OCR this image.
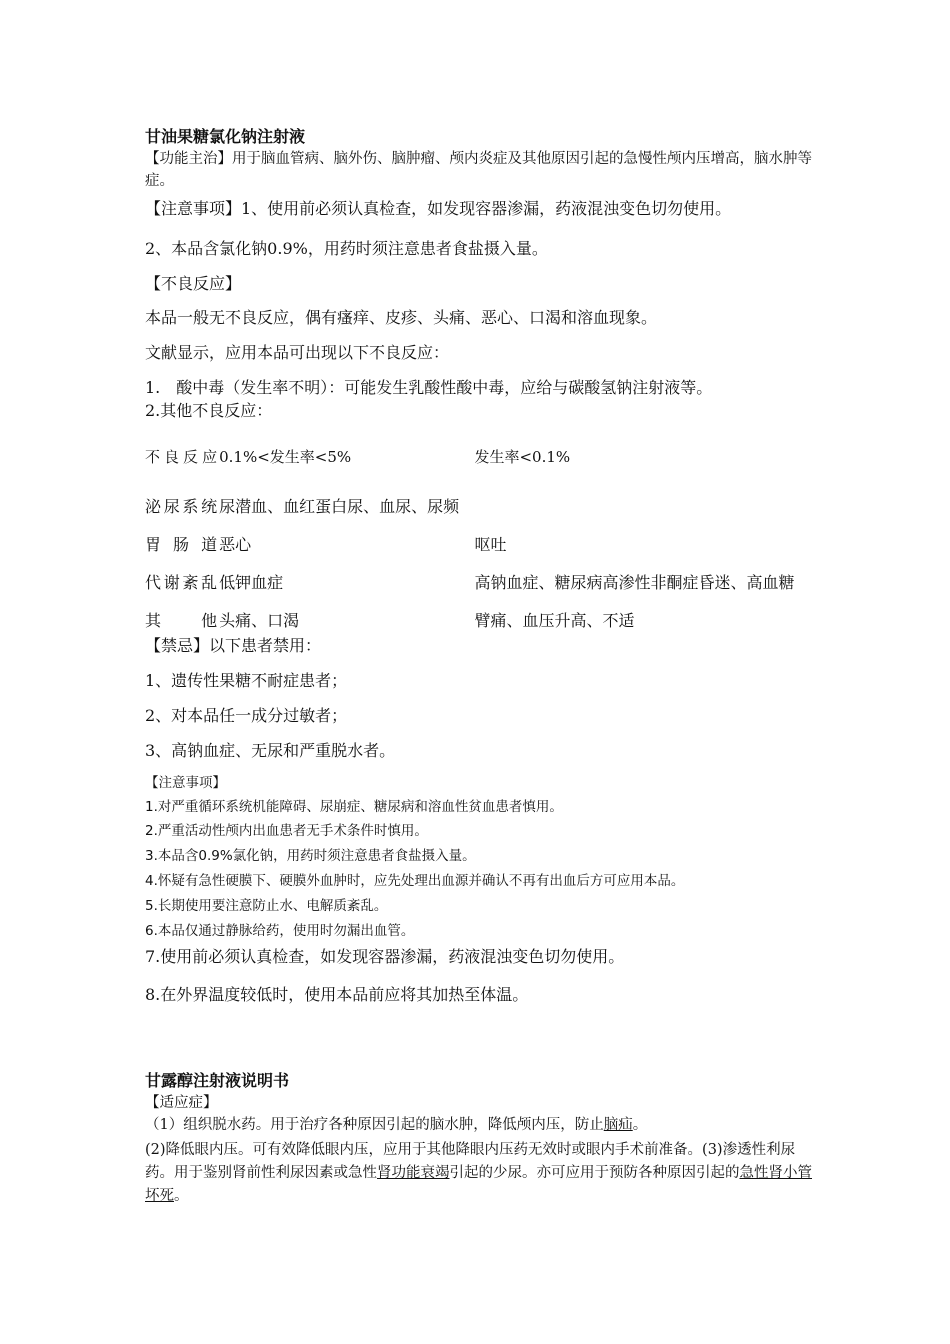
甘油果糖氯化钠注射液

【功能主治】用于脑血管病、脑外伤、脑肿瘤、颅内炎症及其他原因引起的急慢性颅内压增高，脑水肿等症。

【注意事项】1、使用前必须认真检查，如发现容器渗漏，药液混浊变色切勿使用。

2、本品含氯化钠0.9%，用药时须注意患者食盐摄入量。

【不良反应】

本品一般无不良反应，偶有瘙痒、皮疹、头痛、恶心、口渴和溶血现象。

文献显示，应用本品可出现以下不良反应：

1.　酸中毒（发生率不明）：可能发生乳酸性酸中毒，应给与碳酸氢钠注射液等。

2.其他不良反应：

不良反应	0.1%<发生率<5%	发生率<0.1%
泌尿系统	尿潜血、血红蛋白尿、血尿、尿频	
胃肠道	恶心	呕吐
代谢紊乱	低钾血症	高钠血症、糖尿病高渗性非酮症昏迷、高血糖
其他	头痛、口渴	臂痛、血压升高、不适

【禁忌】以下患者禁用：

1、遗传性果糖不耐症患者；

2、对本品任一成分过敏者；

3、高钠血症、无尿和严重脱水者。

【注意事项】

1.对严重循环系统机能障碍、尿崩症、糖尿病和溶血性贫血患者慎用。

2.严重活动性颅内出血患者无手术条件时慎用。

3.本品含0.9%氯化钠，用药时须注意患者食盐摄入量。

4.怀疑有急性硬膜下、硬膜外血肿时，应先处理出血源并确认不再有出血后方可应用本品。

5.长期使用要注意防止水、电解质紊乱。

6.本品仅通过静脉给药，使用时勿漏出血管。

7.使用前必须认真检查，如发现容器渗漏，药液混浊变色切勿使用。

8.在外界温度较低时，使用本品前应将其加热至体温。

甘露醇注射液说明书

【适应症】

（1）组织脱水药。用于治疗各种原因引起的脑水肿，降低颅内压，防止脑疝。

(2)降低眼内压。可有效降低眼内压，应用于其他降眼内压药无效时或眼内手术前准备。(3)渗透性利尿药。用于鉴别肾前性利尿因素或急性肾功能衰竭引起的少尿。亦可应用于预防各种原因引起的急性肾小管坏死。
